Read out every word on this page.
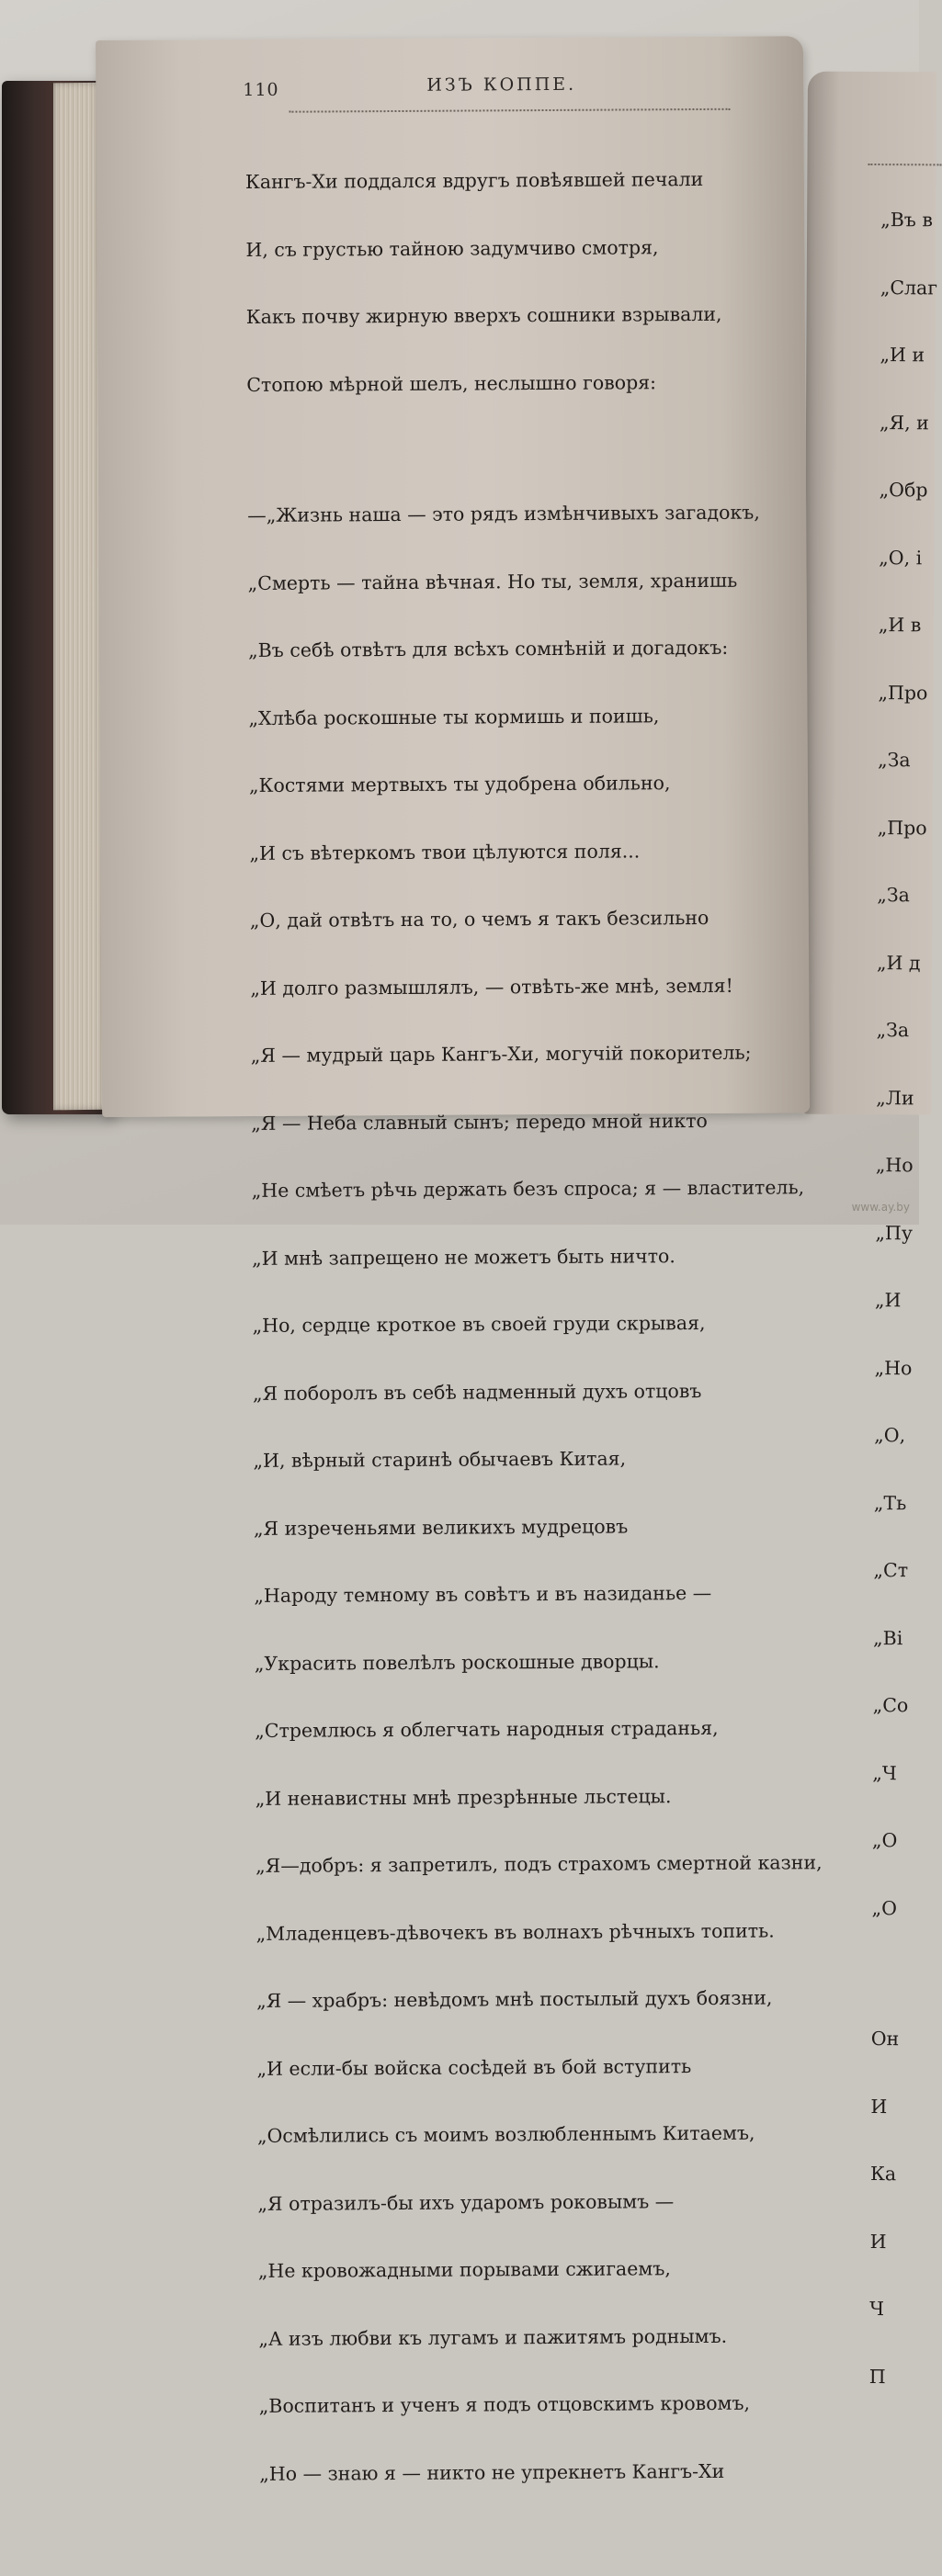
„Въ в

„Слаг

„И и

„Я, и

„Обр

„О, і

„И в

„Про

„За

„Про

„За

„И д

„За

„Ли

„Но

„Пу

„И

„Но

„О,

„Ть

„Ст

„Ві

„Со

„Ч

„О

„О

Он

И

Ка

И

Ч

П

110	ИЗЪ КОППЕ.

Кангъ-Хи поддался вдругъ повѣявшей печали

И, съ грустью тайною задумчиво смотря,

Какъ почву жирную вверхъ сошники взрывали,

Стопою мѣрной шелъ, неслышно говоря:

—„Жизнь наша — это рядъ измѣнчивыхъ загадокъ,

„Смерть — тайна вѣчная. Но ты, земля, хранишь

„Въ себѣ отвѣтъ для всѣхъ сомнѣній и догадокъ:

„Хлѣба роскошные ты кормишь и поишь,

„Костями мертвыхъ ты удобрена обильно,

„И съ вѣтеркомъ твои цѣлуются поля...

„О, дай отвѣтъ на то, о чемъ я такъ безсильно

„И долго размышлялъ, — отвѣть-же мнѣ, земля!

„Я — мудрый царь Кангъ-Хи, могучій покоритель;

„Я — Неба славный сынъ; передо мной никто

„Не смѣетъ рѣчь держать безъ спроса; я — властитель,

„И мнѣ запрещено не можетъ быть ничто.

„Но, сердце кроткое въ своей груди скрывая,

„Я поборолъ въ себѣ надменный духъ отцовъ

„И, вѣрный старинѣ обычаевъ Китая,

„Я изреченьями великихъ мудрецовъ

„Народу темному въ совѣтъ и въ назиданье —

„Украсить повелѣлъ роскошные дворцы.

„Стремлюсь я облегчать народныя страданья,

„И ненавистны мнѣ презрѣнные льстецы.

„Я—добръ: я запретилъ, подъ страхомъ смертной казни,

„Младенцевъ-дѣвочекъ въ волнахъ рѣчныхъ топить.

„Я — храбръ: невѣдомъ мнѣ постылый духъ боязни,

„И если-бы войска сосѣдей въ бой вступить

„Осмѣлились съ моимъ возлюбленнымъ Китаемъ,

„Я отразилъ-бы ихъ ударомъ роковымъ —

„Не кровожадными порывами сжигаемъ,

„А изъ любви къ лугамъ и пажитямъ роднымъ.

„Воспитанъ и ученъ я подъ отцовскимъ кровомъ,

„Но — знаю я — никто не упрекнетъ Кангъ-Хи

www.ay.by
